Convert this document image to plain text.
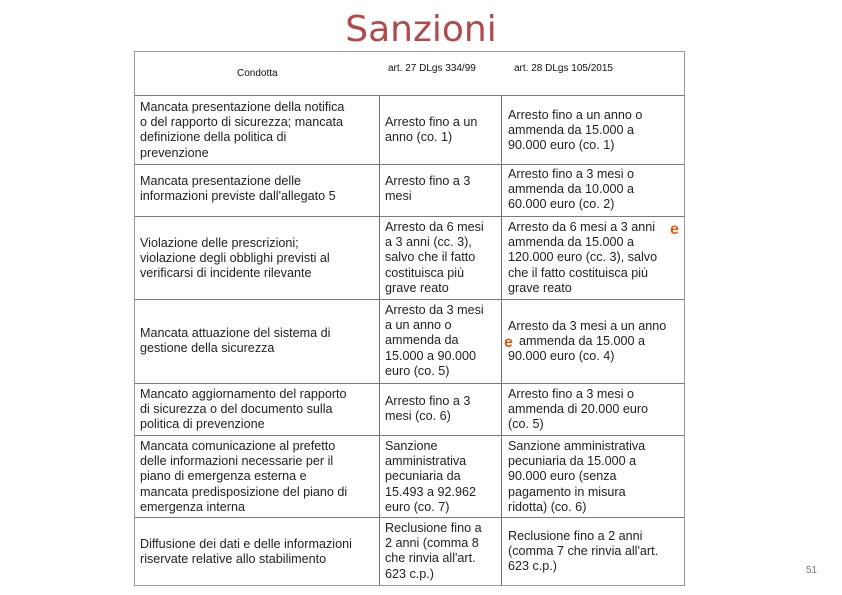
Sanzioni
Condotta	art. 27 DLgs 334/99	art. 28 DLgs 105/2015
Mancata presentazione della notifica
o del rapporto di sicurezza; mancata
definizione della politica di
prevenzione
Arresto fino a un
anno (co. 1)
Arresto fino a un anno o
ammenda da 15.000 a
90.000 euro (co. 1)
Mancata presentazione delle
informazioni previste dall'allegato 5
Arresto fino a 3
mesi
Arresto fino a 3 mesi o
ammenda da 10.000 a
60.000 euro (co. 2)
Violazione delle prescrizioni;
violazione degli obblighi previsti al
verificarsi di incidente rilevante
Arresto da 6 mesi
a 3 anni (cc. 3),
salvo che il fatto
costituisca più
grave reato
Arresto da 6 mesi a 3 anni
ammenda da 15.000 a
120.000 euro (cc. 3), salvo
che il fatto costituisca più
grave reato
Mancata attuazione del sistema di
gestione della sicurezza
Arresto da 3 mesi
a un anno o
ammenda da
15.000 a 90.000
euro (co. 5)
Arresto da 3 mesi a un anno
ammenda da 15.000 a
90.000 euro (co. 4)
Mancato aggiornamento del rapporto
di sicurezza o del documento sulla
politica di prevenzione
Arresto fino a 3
mesi (co. 6)
Arresto fino a 3 mesi o
ammenda di 20.000 euro
(co. 5)
Mancata comunicazione al prefetto
delle informazioni necessarie per il
piano di emergenza esterna e
mancata predisposizione del piano di
emergenza interna
Sanzione
amministrativa
pecuniaria da
15.493 a 92.962
euro (co. 7)
Sanzione amministrativa
pecuniaria da 15.000 a
90.000 euro (senza
pagamento in misura
ridotta) (co. 6)
Diffusione dei dati e delle informazioni
riservate relative allo stabilimento
Reclusione fino a
2 anni (comma 8
che rinvia all'art.
623 c.p.)
Reclusione fino a 2 anni
(comma 7 che rinvia all'art.
623 c.p.)
e
e
51
